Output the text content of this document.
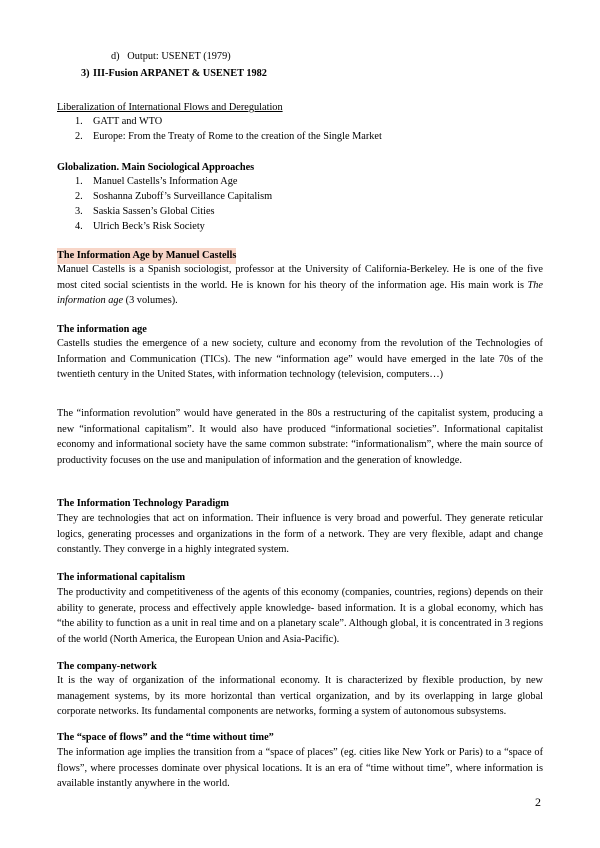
d)   Output: USENET (1979)
3) III-Fusion ARPANET & USENET 1982
Liberalization of International Flows and Deregulation
1. GATT and WTO
2. Europe: From the Treaty of Rome to the creation of the Single Market
Globalization. Main Sociological Approaches
1. Manuel Castells’s Information Age
2. Soshanna Zuboff’s Surveillance Capitalism
3. Saskia Sassen’s Global Cities
4. Ulrich Beck’s Risk Society
The Information Age by Manuel Castells
Manuel Castells is a Spanish sociologist, professor at the University of California-Berkeley. He is one of the five most cited social scientists in the world. He is known for his theory of the information age. His main work is The information age (3 volumes).
The information age
Castells studies the emergence of a new society, culture and economy from the revolution of the Technologies of Information and Communication (TICs). The new “information age” would have emerged in the late 70s of the twentieth century in the United States, with information technology (television, computers…)
The “information revolution” would have generated in the 80s a restructuring of the capitalist system, producing a new “informational capitalism”. It would also have produced “informational societies”. Informational capitalist economy and informational society have the same common substrate: “informationalism”, where the main source of productivity focuses on the use and manipulation of information and the generation of knowledge.
The Information Technology Paradigm
They are technologies that act on information. Their influence is very broad and powerful. They generate reticular logics, generating processes and organizations in the form of a network. They are very flexible, adapt and change constantly. They converge in a highly integrated system.
The informational capitalism
The productivity and competitiveness of the agents of this economy (companies, countries, regions) depends on their ability to generate, process and effectively apple knowledge- based information. It is a global economy, which has “the ability to function as a unit in real time and on a planetary scale”. Although global, it is concentrated in 3 regions of the world (North America, the European Union and Asia-Pacific).
The company-network
It is the way of organization of the informational economy. It is characterized by flexible production, by new management systems, by its more horizontal than vertical organization, and by its overlapping in large global corporate networks. Its fundamental components are networks, forming a system of autonomous subsystems.
The “space of flows” and the “time without time”
The information age implies the transition from a “space of places” (eg. cities like New York or Paris) to a “space of flows”, where processes dominate over physical locations. It is an era of “time without time”, where information is available instantly anywhere in the world.
2
